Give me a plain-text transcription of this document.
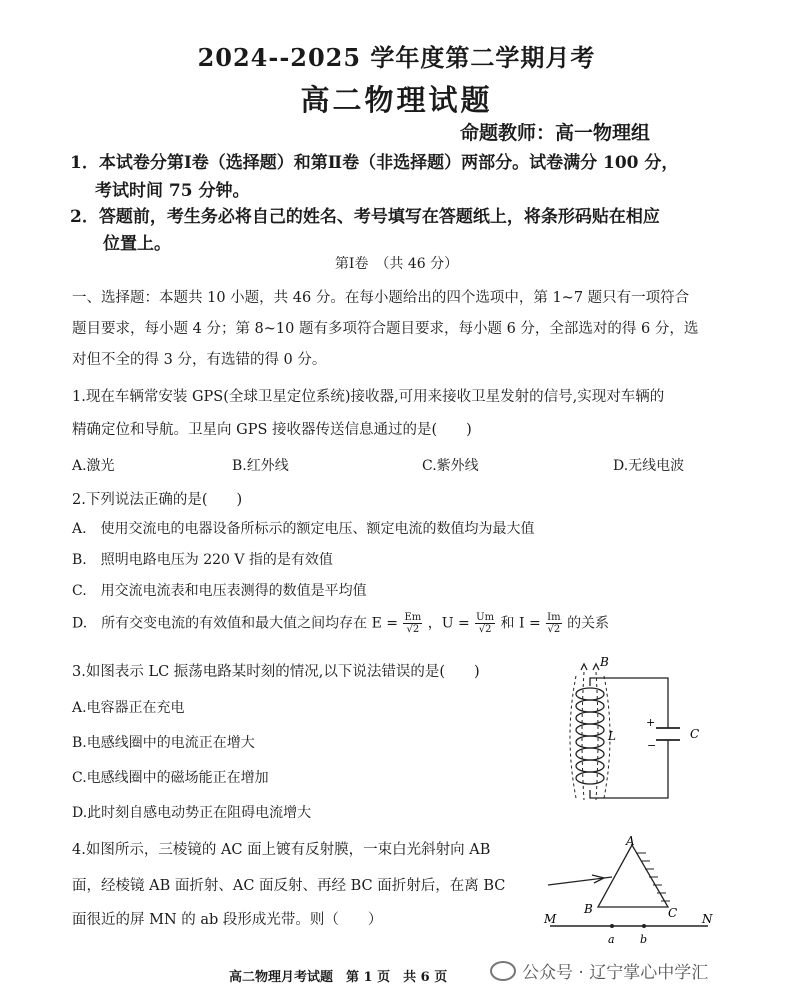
2024--2025 学年度第二学期月考
高二物理试题
命题教师：高一物理组
1．本试卷分第Ⅰ卷（选择题）和第Ⅱ卷（非选择题）两部分。试卷满分 100 分，
考试时间 75 分钟。
2．答题前，考生务必将自己的姓名、考号填写在答题纸上，将条形码贴在相应
位置上。
第Ⅰ卷　（共 46 分）
一、选择题：本题共 10 小题，共 46 分。在每小题给出的四个选项中，第 1~7 题只有一项符合
题目要求，每小题 4 分；第 8~10 题有多项符合题目要求，每小题 6 分，全部选对的得 6 分，选
对但不全的得 3 分，有选错的得 0 分。
1.现在车辆常安装 GPS(全球卫星定位系统)接收器,可用来接收卫星发射的信号,实现对车辆的
精确定位和导航。卫星向 GPS 接收器传送信息通过的是(　　)
A.激光	B.红外线	C.紫外线	D.无线电波
2.下列说法正确的是(　　)
A.　使用交流电的电器设备所标示的额定电压、额定电流的数值均为最大值
B.　照明电路电压为 220 V 指的是有效值
C.　用交流电流表和电压表测得的数值是平均值
D.　所有交变电流的有效值和最大值之间均存在 $E = \frac{Em}{√2}$ ，$U = \frac{Um}{√2}$ 和 $I = \frac{Im}{√2}$ 的关系
3.如图表示 LC 振荡电路某时刻的情况,以下说法错误的是(　　)
A.电容器正在充电
B.电感线圈中的电流正在增大
C.电感线圈中的磁场能正在增加
D.此时刻自感电动势正在阻碍电流增大
B
L	C
+
−
4.如图所示，三棱镜的 AC 面上镀有反射膜，一束白光斜射向 AB
面，经棱镜 AB 面折射、AC 面反射、再经 BC 面折射后，在离 BC
面很近的屏 MN 的 ab 段形成光带。则（　　）
A
B	C
M	N
a b
高二物理月考试题　第 1 页　共 6 页	公众号 · 辽宁掌心中学汇
